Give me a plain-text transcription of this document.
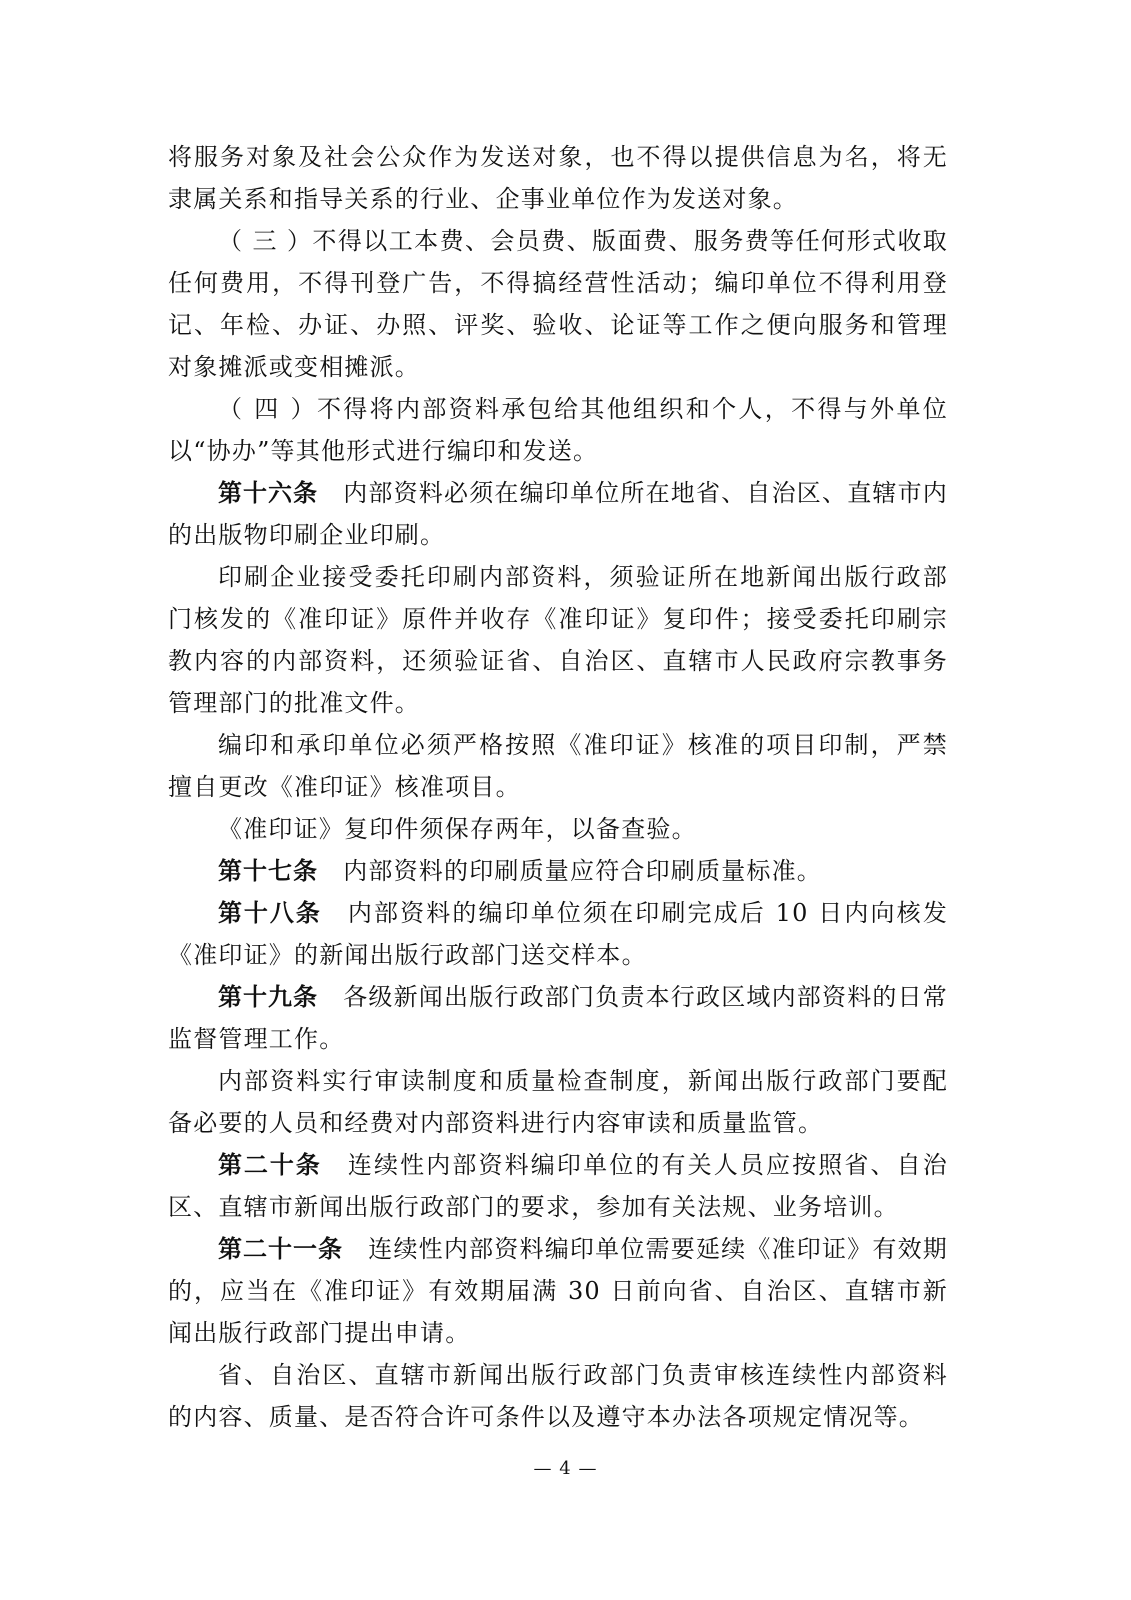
将服务对象及社会公众作为发送对象，也不得以提供信息为名，将无隶属关系和指导关系的行业、企事业单位作为发送对象。

（ 三 ）不得以工本费、会员费、版面费、服务费等任何形式收取任何费用，不得刊登广告，不得搞经营性活动；编印单位不得利用登记、年检、办证、办照、评奖、验收、论证等工作之便向服务和管理对象摊派或变相摊派。

（ 四 ）不得将内部资料承包给其他组织和个人，不得与外单位以“协办”等其他形式进行编印和发送。

第十六条  内部资料必须在编印单位所在地省、自治区、直辖市内的出版物印刷企业印刷。

印刷企业接受委托印刷内部资料，须验证所在地新闻出版行政部门核发的《准印证》原件并收存《准印证》复印件；接受委托印刷宗教内容的内部资料，还须验证省、自治区、直辖市人民政府宗教事务管理部门的批准文件。

编印和承印单位必须严格按照《准印证》核准的项目印制，严禁擅自更改《准印证》核准项目。

《准印证》复印件须保存两年，以备查验。

第十七条  内部资料的印刷质量应符合印刷质量标准。

第十八条  内部资料的编印单位须在印刷完成后 10 日内向核发《准印证》的新闻出版行政部门送交样本。

第十九条  各级新闻出版行政部门负责本行政区域内部资料的日常监督管理工作。

内部资料实行审读制度和质量检查制度，新闻出版行政部门要配备必要的人员和经费对内部资料进行内容审读和质量监管。

第二十条  连续性内部资料编印单位的有关人员应按照省、自治区、直辖市新闻出版行政部门的要求，参加有关法规、业务培训。

第二十一条  连续性内部资料编印单位需要延续《准印证》有效期的，应当在《准印证》有效期届满 30 日前向省、自治区、直辖市新闻出版行政部门提出申请。

省、自治区、直辖市新闻出版行政部门负责审核连续性内部资料的内容、质量、是否符合许可条件以及遵守本办法各项规定情况等。

— 4 —
